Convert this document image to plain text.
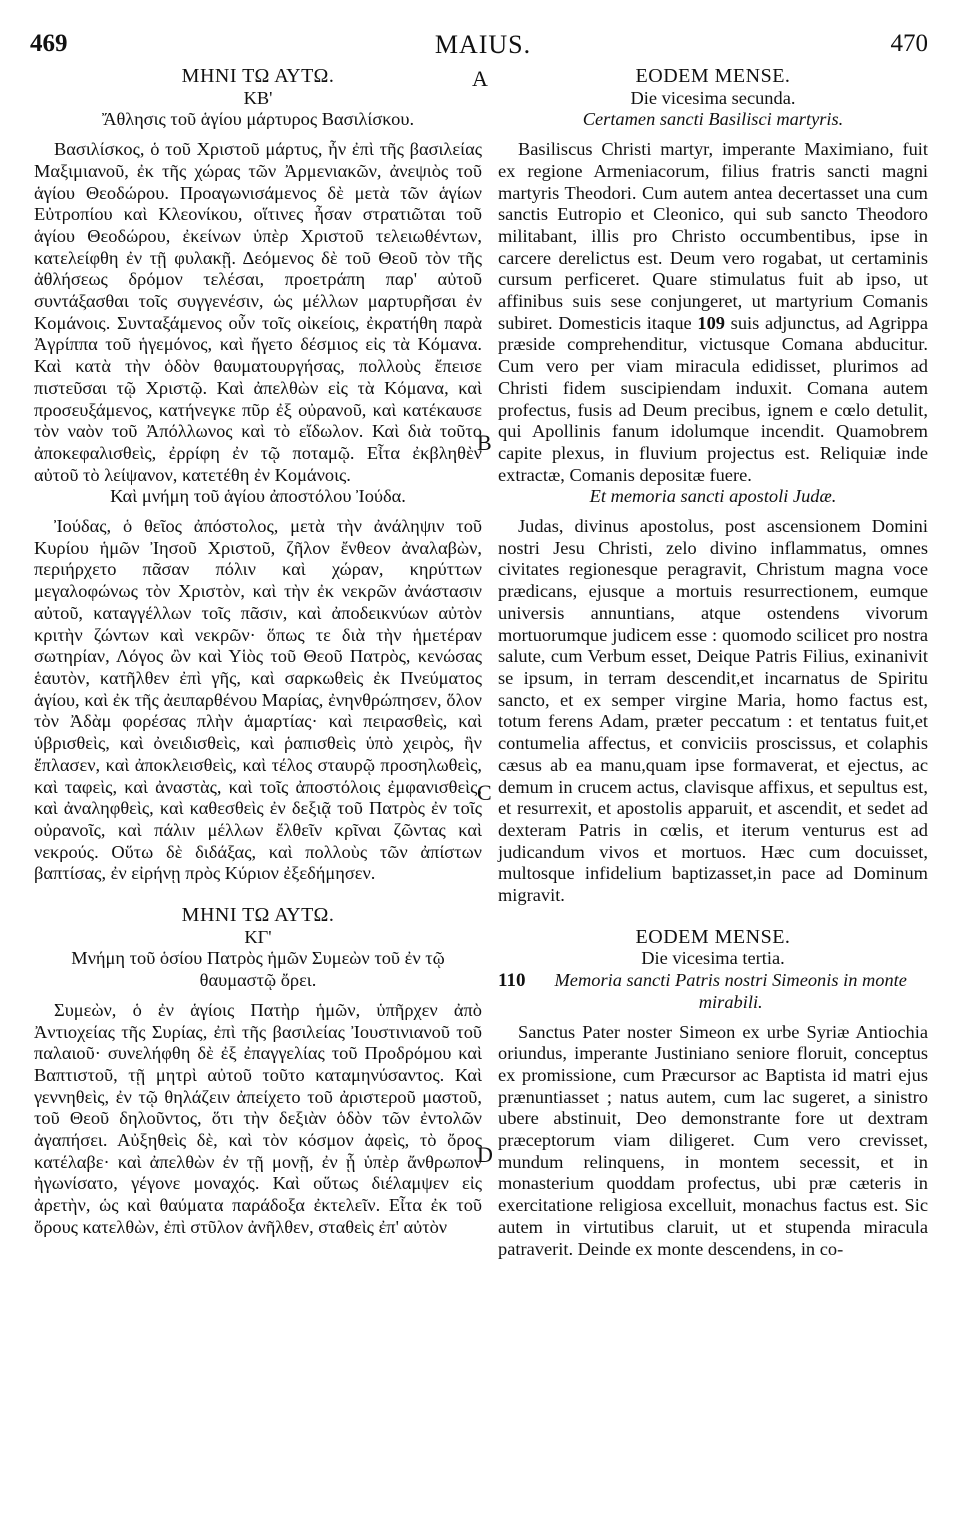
469	MAIUS.	470
A
B
C
D
ΜΗΝΙ ΤΩ ΑΥΤΩ.
ΚΒ'

Ἄθλησις τοῦ ἁγίου μάρτυρος Βασιλίσκου.

Βασιλίσκος, ὁ τοῦ Χριστοῦ μάρτυς, ἦν ἐπὶ τῆς βασιλείας Μαξιμιανοῦ, ἐκ τῆς χώρας τῶν Ἀρμενιακῶν, ἀνεψιὸς τοῦ ἁγίου Θεοδώρου. Προαγωνισάμενος δὲ μετὰ τῶν ἁγίων Εὐτροπίου καὶ Κλεονίκου, οἵτινες ἦσαν στρατιῶται τοῦ ἁγίου Θεοδώρου, ἐκείνων ὑπὲρ Χριστοῦ τελειωθέντων, κατελείφθη ἐν τῇ φυλακῇ. Δεόμενος δὲ τοῦ Θεοῦ τὸν τῆς ἀθλήσεως δρόμον τελέσαι, προετράπη παρ' αὐτοῦ συντάξασθαι τοῖς συγγενέσιν, ὡς μέλλων μαρτυρῆσαι ἐν Κομάνοις. Συνταξάμενος οὖν τοῖς οἰκείοις, ἐκρατήθη παρὰ Ἀγρίππα τοῦ ἡγεμόνος, καὶ ἤγετο δέσμιος εἰς τὰ Κόμανα. Καὶ κατὰ τὴν ὁδὸν θαυματουργήσας, πολλοὺς ἔπεισε πιστεῦσαι τῷ Χριστῷ. Καὶ ἀπελθὼν εἰς τὰ Κόμανα, καὶ προσευξάμενος, κατήνεγκε πῦρ ἐξ οὐρανοῦ, καὶ κατέκαυσε τὸν ναὸν τοῦ Ἀπόλλωνος καὶ τὸ εἴδωλον. Καὶ διὰ τοῦτο ἀποκεφαλισθεὶς, ἐρρίφη ἐν τῷ ποταμῷ. Εἶτα ἐκβληθὲν αὐτοῦ τὸ λείψανον, κατετέθη ἐν Κομάνοις.

Καὶ μνήμη τοῦ ἁγίου ἀποστόλου Ἰούδα.

Ἰούδας, ὁ θεῖος ἀπόστολος, μετὰ τὴν ἀνάληψιν τοῦ Κυρίου ἡμῶν Ἰησοῦ Χριστοῦ, ζῆλον ἔνθεον ἀναλαβὼν, περιήρχετο πᾶσαν πόλιν καὶ χώραν, κηρύττων μεγαλοφώνως τὸν Χριστὸν, καὶ τὴν ἐκ νεκρῶν ἀνάστασιν αὐτοῦ, καταγγέλλων τοῖς πᾶσιν, καὶ ἀποδεικνύων αὐτὸν κριτὴν ζώντων καὶ νεκρῶν· ὅπως τε διὰ τὴν ἡμετέραν σωτηρίαν, Λόγος ὢν καὶ Υἱὸς τοῦ Θεοῦ Πατρὸς, κενώσας ἑαυτὸν, κατῆλθεν ἐπὶ γῆς, καὶ σαρκωθεὶς ἐκ Πνεύματος ἁγίου, καὶ ἐκ τῆς ἀειπαρθένου Μαρίας, ἐνηνθρώπησεν, ὅλον τὸν Ἀδὰμ φορέσας πλὴν ἁμαρτίας· καὶ πειρασθεὶς, καὶ ὑβρισθεὶς, καὶ ὀνειδισθεὶς, καὶ ῥαπισθεὶς ὑπὸ χειρὸς, ἣν ἔπλασεν, καὶ ἀποκλεισθεὶς, καὶ τέλος σταυρῷ προσηλωθεὶς, καὶ ταφεὶς, καὶ ἀναστὰς, καὶ τοῖς ἀποστόλοις ἐμφανισθεὶς, καὶ ἀναληφθεὶς, καὶ καθεσθεὶς ἐν δεξιᾷ τοῦ Πατρὸς ἐν τοῖς οὐρανοῖς, καὶ πάλιν μέλλων ἔλθεῖν κρῖναι ζῶντας καὶ νεκρούς. Οὕτω δὲ διδάξας, καὶ πολλοὺς τῶν ἀπίστων βαπτίσας, ἐν εἰρήνῃ πρὸς Κύριον ἐξεδήμησεν.

ΜΗΝΙ ΤΩ ΑΥΤΩ.
ΚΓ'

Μνήμη τοῦ ὁσίου Πατρὸς ἡμῶν Συμεὼν τοῦ ἐν τῷ θαυμαστῷ ὄρει.

Συμεὼν, ὁ ἐν ἁγίοις Πατὴρ ἡμῶν, ὑπῆρχεν ἀπὸ Ἀντιοχείας τῆς Συρίας, ἐπὶ τῆς βασιλείας Ἰουστινιανοῦ τοῦ παλαιοῦ· συνελήφθη δὲ ἐξ ἐπαγγελίας τοῦ Προδρόμου καὶ Βαπτιστοῦ, τῇ μητρὶ αὐτοῦ τοῦτο καταμηνύσαντος. Καὶ γεννηθεὶς, ἐν τῷ θηλάζειν ἀπείχετο τοῦ ἀριστεροῦ μαστοῦ, τοῦ Θεοῦ δηλοῦντος, ὅτι τὴν δεξιὰν ὁδὸν τῶν ἐντολῶν ἀγαπήσει. Αὐξηθεὶς δὲ, καὶ τὸν κόσμον ἀφεὶς, τὸ ὄρος κατέλαβε· καὶ ἀπελθὼν ἐν τῇ μονῇ, ἐν ᾗ ὑπὲρ ἄνθρωπον ἠγωνίσατο, γέγονε μοναχός. Καὶ οὕτως διέλαμψεν εἰς ἀρετὴν, ὡς καὶ θαύματα παράδοξα ἐκτελεῖν. Εἶτα ἐκ τοῦ ὄρους κατελθὼν, ἐπὶ στῦλον ἀνῆλθεν, σταθεὶς ἐπ' αὐτὸν

EODEM MENSE.
Die vicesima secunda.

Certamen sancti Basilisci martyris.

Basiliscus Christi martyr, imperante Maximiano, fuit ex regione Armeniacorum, filius fratris sancti magni martyris Theodori. Cum autem antea decertasset una cum sanctis Eutropio et Cleonico, qui sub sancto Theodoro militabant, illis pro Christo occumbentibus, ipse in carcere derelictus est. Deum vero rogabat, ut certaminis cursum perficeret. Quare stimulatus fuit ab ipso, ut affinibus suis sese conjungeret, ut martyrium Comanis subiret. Domesticis itaque 109 suis adjunctus, ad Agrippa præside comprehenditur, victusque Comana abducitur. Cum vero per viam miracula edidisset, plurimos ad Christi fidem suscipiendam induxit. Comana autem profectus, fusis ad Deum precibus, ignem e cœlo detulit, qui Apollinis fanum idolumque incendit. Quamobrem capite plexus, in fluvium projectus est. Reliquiæ inde extractæ, Comanis depositæ fuere.

Et memoria sancti apostoli Judæ.

Judas, divinus apostolus, post ascensionem Domini nostri Jesu Christi, zelo divino inflammatus, omnes civitates regionesque peragravit, Christum magna voce prædicans, ejusque a mortuis resurrectionem, eumque universis annuntians, atque ostendens vivorum mortuorumque judicem esse : quomodo scilicet pro nostra salute, cum Verbum esset, Deique Patris Filius, exinanivit se ipsum, in terram descendit,et incarnatus de Spiritu sancto, et ex semper virgine Maria, homo factus est, totum ferens Adam, præter peccatum : et tentatus fuit,et contumelia affectus, et conviciis proscissus, et colaphis cæsus ab ea manu,quam ipse formaverat, et ejectus, ac demum in crucem actus, clavisque affixus, et sepultus est, et resurrexit, et apostolis apparuit, et ascendit, et sedet ad dexteram Patris in cœlis, et iterum venturus est ad judicandum vivos et mortuos. Hæc cum docuisset, multosque infidelium baptizasset,in pace ad Dominum migravit.

EODEM MENSE.
Die vicesima tertia.
110	Memoria sancti Patris nostri Simeonis in monte mirabili.

Sanctus Pater noster Simeon ex urbe Syriæ Antiochia oriundus, imperante Justiniano seniore floruit, conceptus ex promissione, cum Præcursor ac Baptista id matri ejus prænuntiasset ; natus autem, cum lac sugeret, a sinistro ubere abstinuit, Deo demonstrante fore ut dextram præceptorum viam diligeret. Cum vero crevisset, mundum relinquens, in montem secessit, et in monasterium quoddam profectus, ubi præ cæteris in exercitatione religiosa excelluit, monachus factus est. Sic autem in virtutibus claruit, ut et stupenda miracula patraverit. Deinde ex monte descendens, in co-
